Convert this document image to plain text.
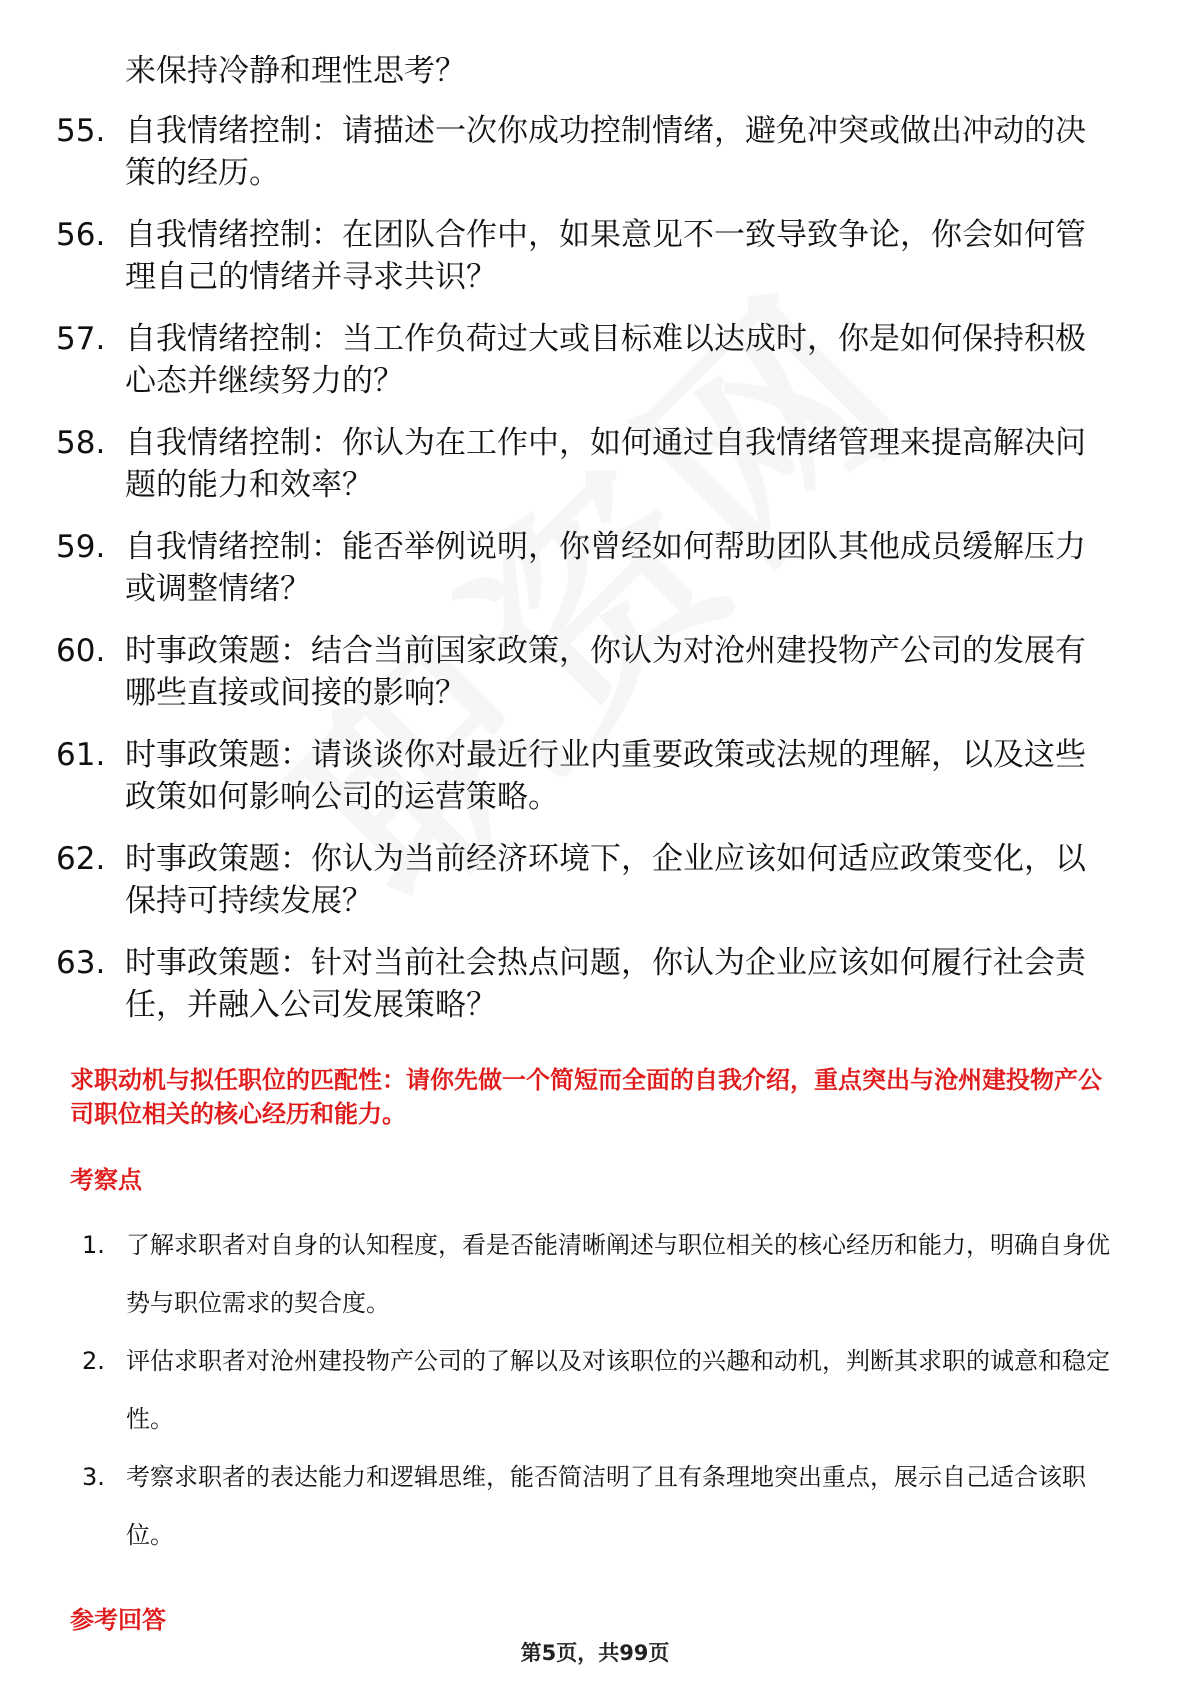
来保持冷静和理性思考？
55. 自我情绪控制：请描述一次你成功控制情绪，避免冲突或做出冲动的决策的经历。
56. 自我情绪控制：在团队合作中，如果意见不一致导致争论，你会如何管理自己的情绪并寻求共识？
57. 自我情绪控制：当工作负荷过大或目标难以达成时，你是如何保持积极心态并继续努力的？
58. 自我情绪控制：你认为在工作中，如何通过自我情绪管理来提高解决问题的能力和效率？
59. 自我情绪控制：能否举例说明，你曾经如何帮助团队其他成员缓解压力或调整情绪？
60. 时事政策题：结合当前国家政策，你认为对沧州建投物产公司的发展有哪些直接或间接的影响？
61. 时事政策题：请谈谈你对最近行业内重要政策或法规的理解，以及这些政策如何影响公司的运营策略。
62. 时事政策题：你认为当前经济环境下，企业应该如何适应政策变化，以保持可持续发展？
63. 时事政策题：针对当前社会热点问题，你认为企业应该如何履行社会责任，并融入公司发展策略？
求职动机与拟任职位的匹配性：请你先做一个简短而全面的自我介绍，重点突出与沧州建投物产公司职位相关的核心经历和能力。
考察点
1. 了解求职者对自身的认知程度，看是否能清晰阐述与职位相关的核心经历和能力，明确自身优势与职位需求的契合度。
2. 评估求职者对沧州建投物产公司的了解以及对该职位的兴趣和动机，判断其求职的诚意和稳定性。
3. 考察求职者的表达能力和逻辑思维，能否简洁明了且有条理地突出重点，展示自己适合该职位。
参考回答
第5页，共99页
